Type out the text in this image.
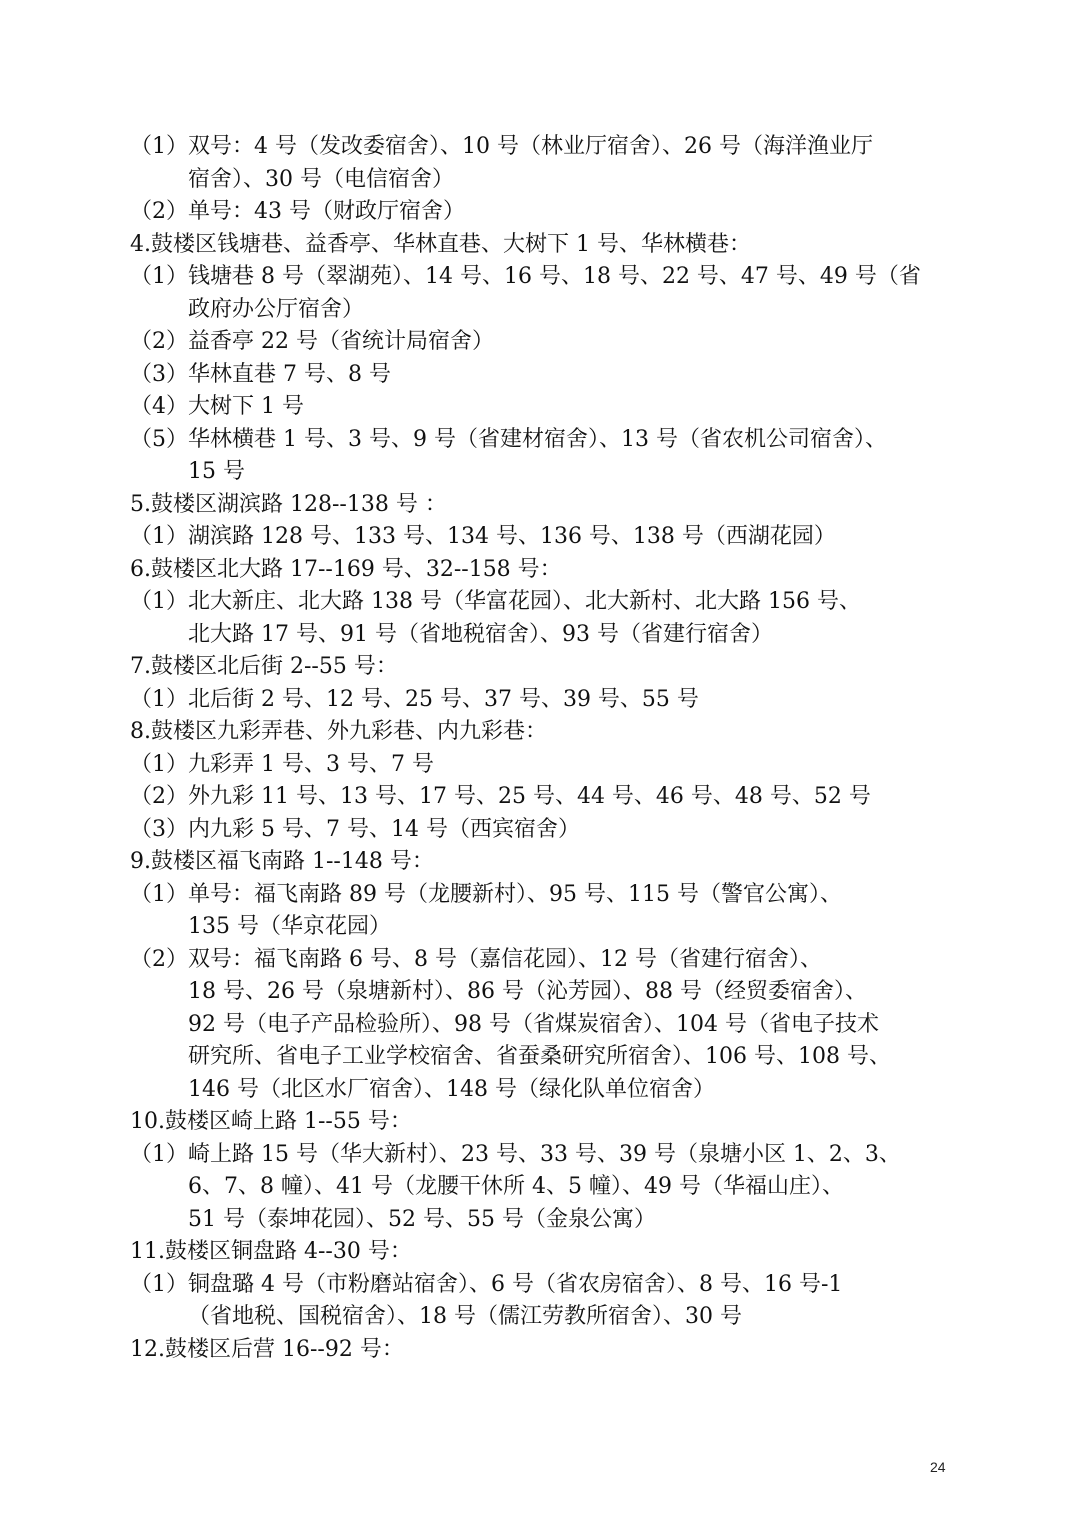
（1）双号：4 号（发改委宿舍）、10 号（林业厅宿舍）、26 号（海洋渔业厅
宿舍）、30 号（电信宿舍）
（2）单号：43 号（财政厅宿舍）
4.鼓楼区钱塘巷、益香亭、华林直巷、大树下 1 号、华林横巷：
（1）钱塘巷 8 号（翠湖苑）、14 号、16 号、18 号、22 号、47 号、49 号（省
政府办公厅宿舍）
（2）益香亭 22 号（省统计局宿舍）
（3）华林直巷 7 号、8 号
（4）大树下 1 号
（5）华林横巷 1 号、3 号、9 号（省建材宿舍）、13 号（省农机公司宿舍）、
15 号
5.鼓楼区湖滨路 128--138 号 ：
（1）湖滨路 128 号、133 号、134 号、136 号、138 号（西湖花园）
6.鼓楼区北大路 17--169 号、32--158 号：
（1）北大新庄、北大路 138 号（华富花园）、北大新村、北大路 156 号、
北大路 17 号、91 号（省地税宿舍）、93 号（省建行宿舍）
7.鼓楼区北后街 2--55 号：
（1）北后街 2 号、12 号、25 号、37 号、39 号、55 号
8.鼓楼区九彩弄巷、外九彩巷、内九彩巷：
（1）九彩弄 1 号、3 号、7 号
（2）外九彩 11 号、13 号、17 号、25 号、44 号、46 号、48 号、52 号
（3）内九彩 5 号、7 号、14 号（西宾宿舍）
9.鼓楼区福飞南路 1--148 号：
（1）单号：福飞南路 89 号（龙腰新村）、95 号、115 号（警官公寓）、
135 号（华京花园）
（2）双号：福飞南路 6 号、8 号（嘉信花园）、12 号（省建行宿舍）、
18 号、26 号（泉塘新村）、86 号（沁芳园）、88 号（经贸委宿舍）、
92 号（电子产品检验所）、98 号（省煤炭宿舍）、104 号（省电子技术
研究所、省电子工业学校宿舍、省蚕桑研究所宿舍）、106 号、108 号、
146 号（北区水厂宿舍）、148 号（绿化队单位宿舍）
10.鼓楼区崎上路 1--55 号：
（1）崎上路 15 号（华大新村）、23 号、33 号、39 号（泉塘小区 1、2、3、
6、7、8 幢）、41 号（龙腰干休所 4、5 幢）、49 号（华福山庄）、
51 号（泰坤花园）、52 号、55 号（金泉公寓）
11.鼓楼区铜盘路 4--30 号：
（1）铜盘璐 4 号（市粉磨站宿舍）、6 号（省农房宿舍）、8 号、16 号-1
（省地税、国税宿舍）、18 号（儒江劳教所宿舍）、30 号
12.鼓楼区后营 16--92 号：
24
